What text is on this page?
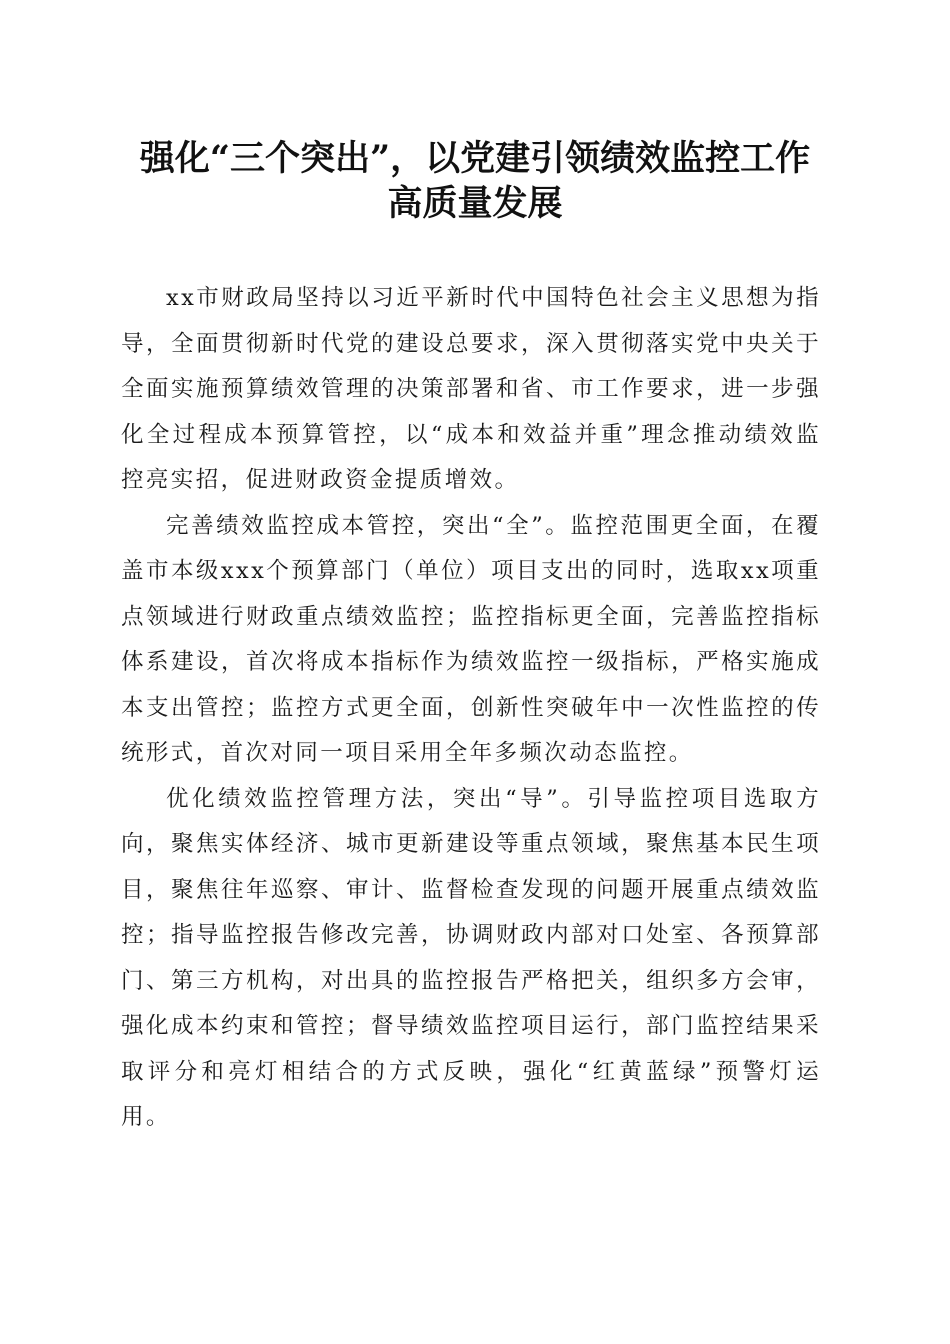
强化“三个突出”，以党建引领绩效监控工作
高质量发展

xx市财政局坚持以习近平新时代中国特色社会主义思想为指导，全面贯彻新时代党的建设总要求，深入贯彻落实党中央关于全面实施预算绩效管理的决策部署和省、市工作要求，进一步强化全过程成本预算管控，以“成本和效益并重”理念推动绩效监控亮实招，促进财政资金提质增效。

完善绩效监控成本管控，突出“全”。监控范围更全面，在覆盖市本级xxx个预算部门（单位）项目支出的同时，选取xx项重点领域进行财政重点绩效监控；监控指标更全面，完善监控指标体系建设，首次将成本指标作为绩效监控一级指标，严格实施成本支出管控；监控方式更全面，创新性突破年中一次性监控的传统形式，首次对同一项目采用全年多频次动态监控。

优化绩效监控管理方法，突出“导”。引导监控项目选取方向，聚焦实体经济、城市更新建设等重点领域，聚焦基本民生项目，聚焦往年巡察、审计、监督检查发现的问题开展重点绩效监控；指导监控报告修改完善，协调财政内部对口处室、各预算部门、第三方机构，对出具的监控报告严格把关，组织多方会审，强化成本约束和管控；督导绩效监控项目运行，部门监控结果采取评分和亮灯相结合的方式反映，强化“红黄蓝绿”预警灯运用。
